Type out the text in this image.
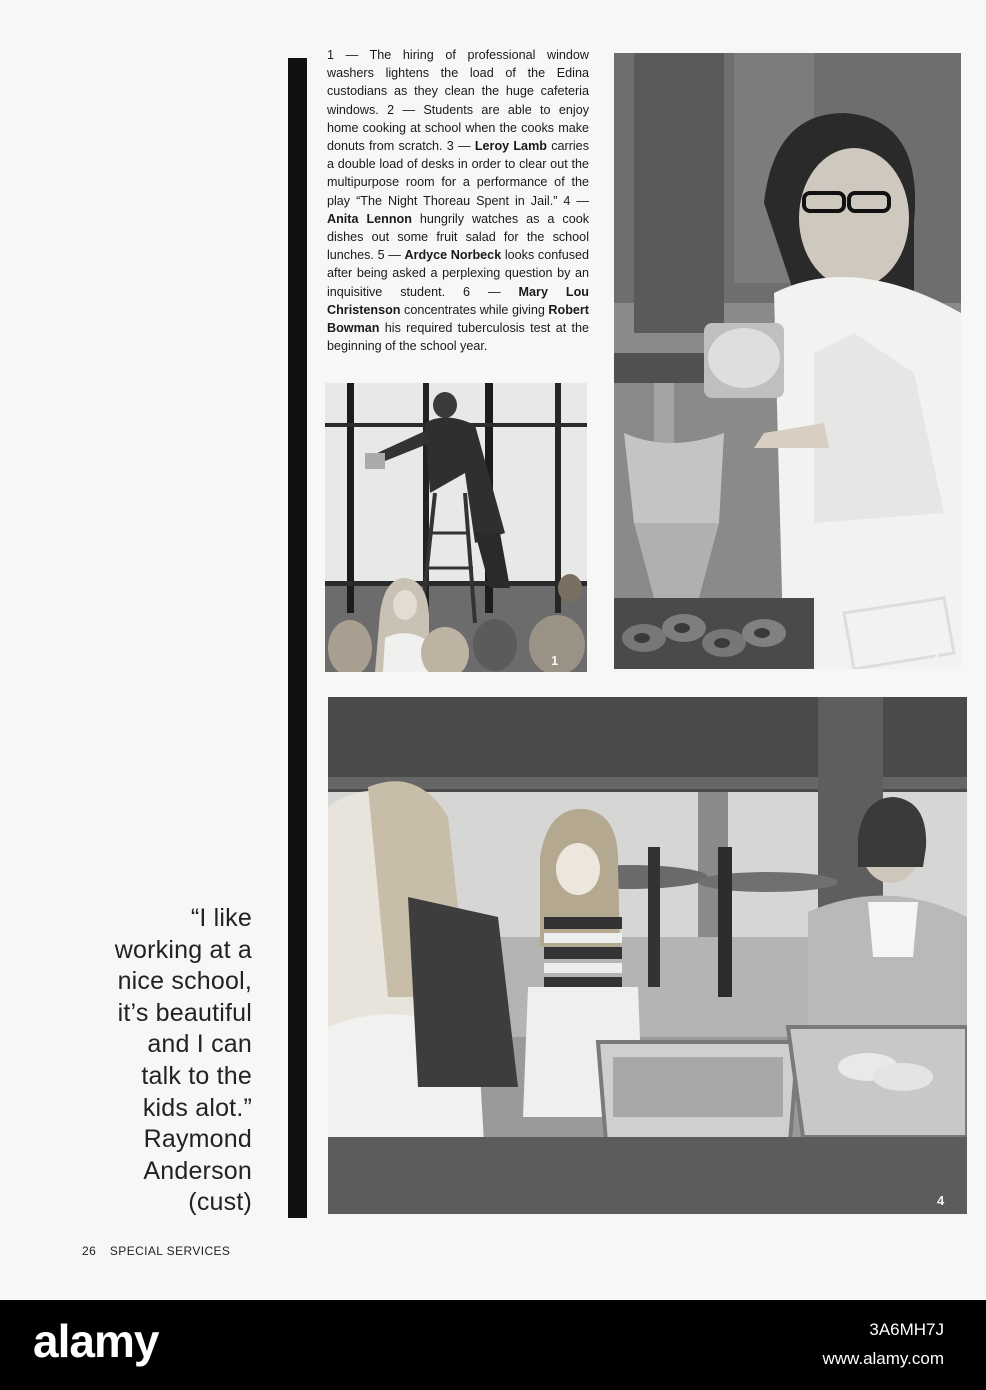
1 — The hiring of professional window washers lightens the load of the Edina custodians as they clean the huge cafeteria windows. 2 — Students are able to enjoy home cooking at school when the cooks make donuts from scratch. 3 — Leroy Lamb carries a double load of desks in order to clear out the multipurpose room for a performance of the play “The Night Thoreau Spent in Jail.” 4 — Anita Lennon hungrily watches as a cook dishes out some fruit salad for the school lunches. 5 — Ardyce Norbeck looks confused after being asked a perplexing question by an inquisitive student. 6 — Mary Lou Christenson concentrates while giving Robert Bowman his required tuberculosis test at the beginning of the school year.
1	2
4
“I like
working at a
nice school,
it’s beautiful
and I can
talk to the
kids alot.”
Raymond
Anderson
(cust)
26 SPECIAL SERVICES
alamy	3A6MH7J
www.alamy.com
